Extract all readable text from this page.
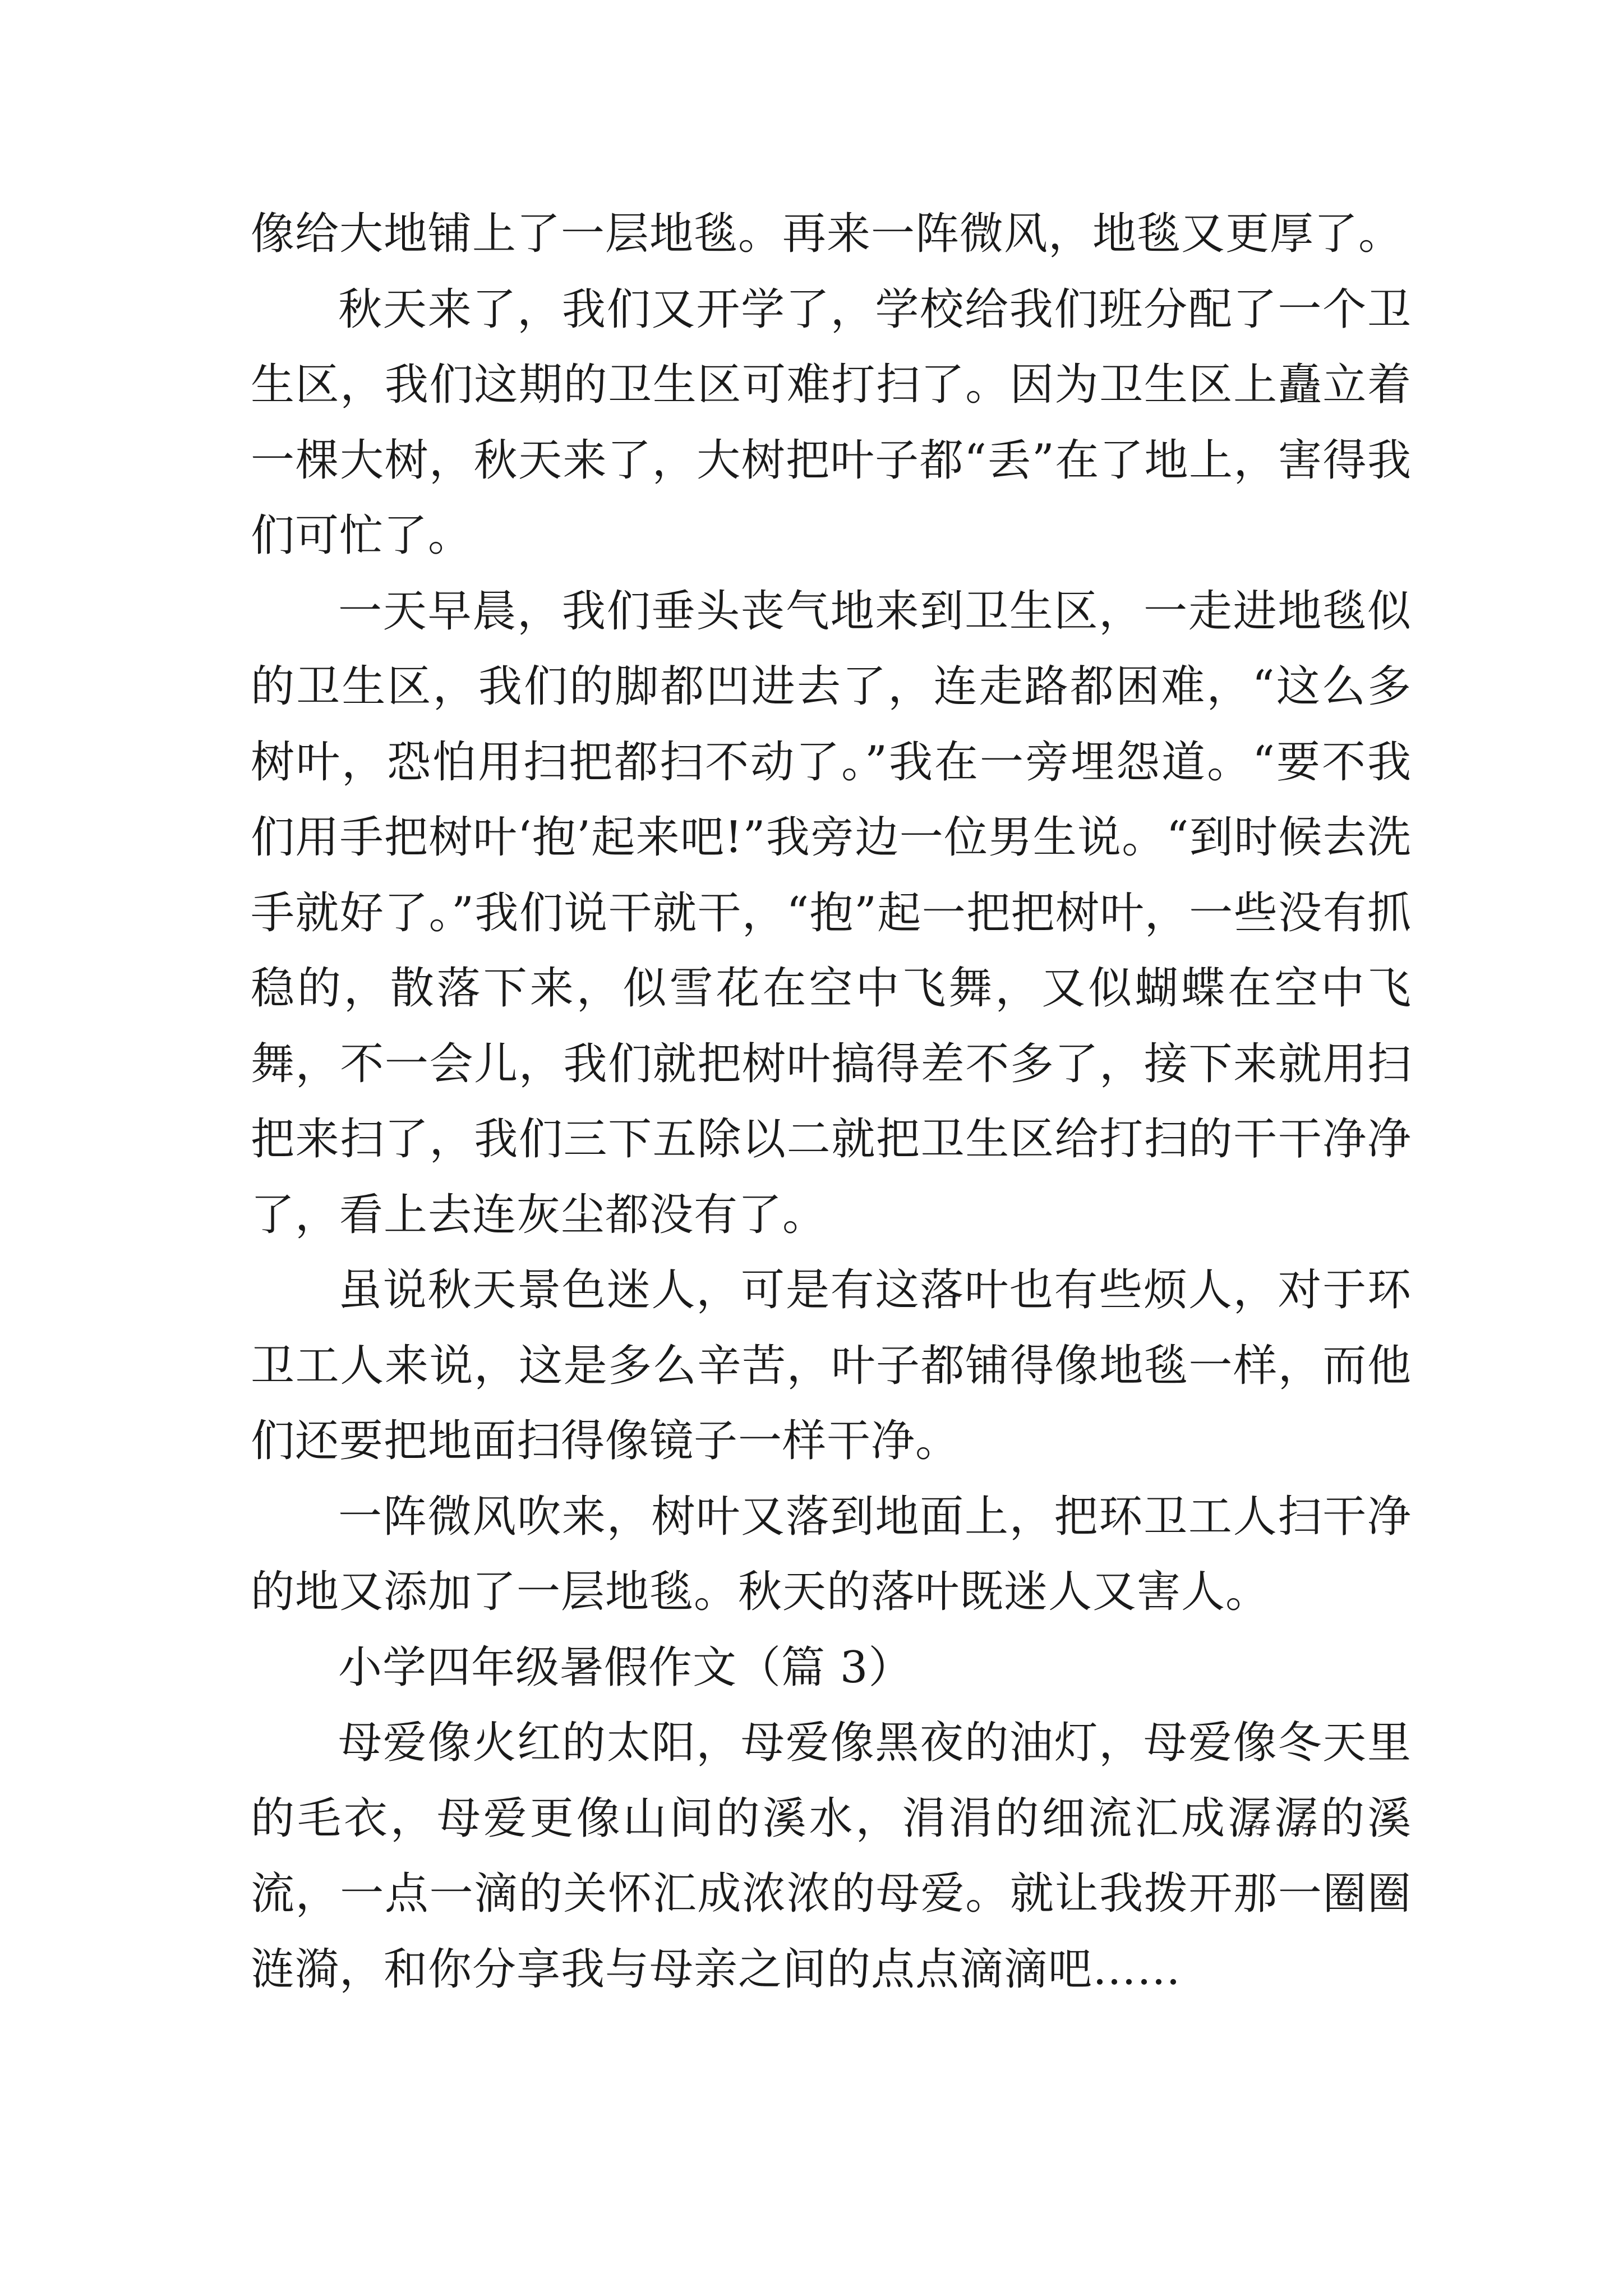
像给大地铺上了一层地毯。再来一阵微风，地毯又更厚了。

秋天来了，我们又开学了，学校给我们班分配了一个卫生区，我们这期的卫生区可难打扫了。因为卫生区上矗立着一棵大树，秋天来了，大树把叶子都“丢”在了地上，害得我们可忙了。

一天早晨，我们垂头丧气地来到卫生区，一走进地毯似的卫生区，我们的脚都凹进去了，连走路都困难，“这么多树叶，恐怕用扫把都扫不动了。”我在一旁埋怨道。“要不我们用手把树叶‘抱’起来吧!”我旁边一位男生说。“到时候去洗手就好了。”我们说干就干，“抱”起一把把树叶，一些没有抓稳的，散落下来，似雪花在空中飞舞，又似蝴蝶在空中飞舞，不一会儿，我们就把树叶搞得差不多了，接下来就用扫把来扫了，我们三下五除以二就把卫生区给打扫的干干净净了，看上去连灰尘都没有了。

虽说秋天景色迷人，可是有这落叶也有些烦人，对于环卫工人来说，这是多么辛苦，叶子都铺得像地毯一样，而他们还要把地面扫得像镜子一样干净。

一阵微风吹来，树叶又落到地面上，把环卫工人扫干净的地又添加了一层地毯。秋天的落叶既迷人又害人。

小学四年级暑假作文（篇 3）

母爱像火红的太阳，母爱像黑夜的油灯，母爱像冬天里的毛衣，母爱更像山间的溪水，涓涓的细流汇成潺潺的溪流，一点一滴的关怀汇成浓浓的母爱。就让我拨开那一圈圈涟漪，和你分享我与母亲之间的点点滴滴吧……
